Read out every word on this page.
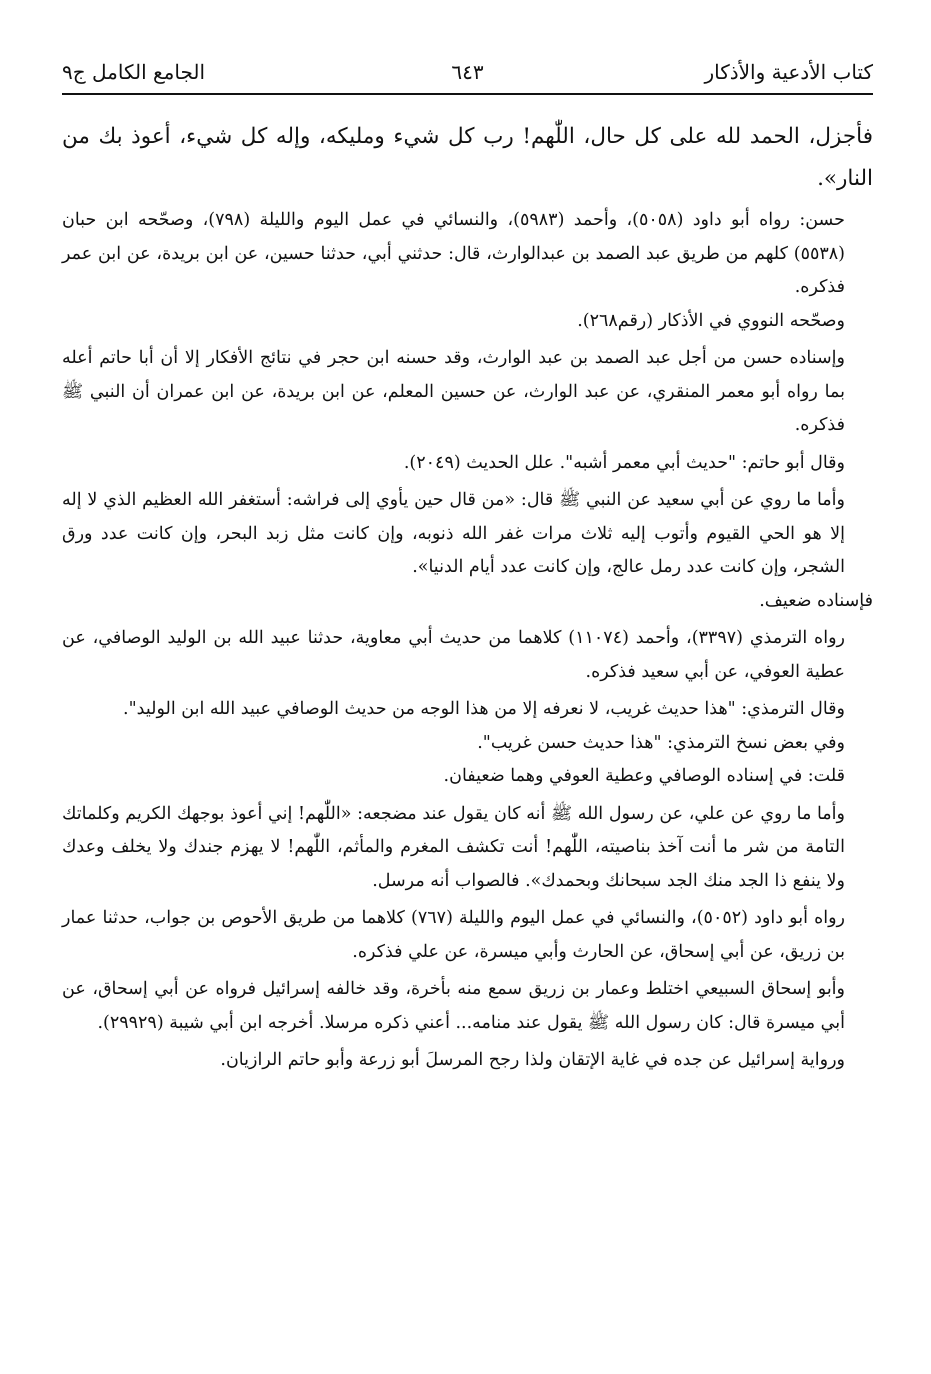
كتاب الأدعية والأذكار
٦٤٣
الجامع الكامل ج٩

فأجزل، الحمد لله على كل حال، اللّٰهم! رب كل شيء ومليكه، وإله كل شيء، أعوذ بك من النار».

حسن: رواه أبو داود (٥٠٥٨)، وأحمد (٥٩٨٣)، والنسائي في عمل اليوم والليلة (٧٩٨)، وصحّحه ابن حبان (٥٥٣٨) كلهم من طريق عبد الصمد بن عبدالوارث، قال: حدثني أبي، حدثنا حسين، عن ابن بريدة، عن ابن عمر فذكره.

وصحّحه النووي في الأذكار (رقم٢٦٨).

وإسناده حسن من أجل عبد الصمد بن عبد الوارث، وقد حسنه ابن حجر في نتائج الأفكار إلا أن أبا حاتم أعله بما رواه أبو معمر المنقري، عن عبد الوارث، عن حسين المعلم، عن ابن بريدة، عن ابن عمران أن النبي ﷺ فذكره.

وقال أبو حاتم: "حديث أبي معمر أشبه". علل الحديث (٢٠٤٩).

وأما ما روي عن أبي سعيد عن النبي ﷺ قال: «من قال حين يأوي إلى فراشه: أستغفر الله العظيم الذي لا إله إلا هو الحي القيوم وأتوب إليه ثلاث مرات غفر الله ذنوبه، وإن كانت مثل زبد البحر، وإن كانت عدد ورق الشجر، وإن كانت عدد رمل عالج، وإن كانت عدد أيام الدنيا».

فإسناده ضعيف.

رواه الترمذي (٣٣٩٧)، وأحمد (١١٠٧٤) كلاهما من حديث أبي معاوية، حدثنا عبيد الله بن الوليد الوصافي، عن عطية العوفي، عن أبي سعيد فذكره.

وقال الترمذي: "هذا حديث غريب، لا نعرفه إلا من هذا الوجه من حديث الوصافي عبيد الله ابن الوليد".

وفي بعض نسخ الترمذي: "هذا حديث حسن غريب".

قلت: في إسناده الوصافي وعطية العوفي وهما ضعيفان.

وأما ما روي عن علي، عن رسول الله ﷺ أنه كان يقول عند مضجعه: «اللّٰهم! إني أعوذ بوجهك الكريم وكلماتك التامة من شر ما أنت آخذ بناصيته، اللّٰهم! أنت تكشف المغرم والمأثم، اللّٰهم! لا يهزم جندك ولا يخلف وعدك ولا ينفع ذا الجد منك الجد سبحانك وبحمدك». فالصواب أنه مرسل.

رواه أبو داود (٥٠٥٢)، والنسائي في عمل اليوم والليلة (٧٦٧) كلاهما من طريق الأحوص بن جواب، حدثنا عمار بن زريق، عن أبي إسحاق، عن الحارث وأبي ميسرة، عن علي فذكره.

وأبو إسحاق السبيعي اختلط وعمار بن زريق سمع منه بأخرة، وقد خالفه إسرائيل فرواه عن أبي إسحاق، عن أبي ميسرة قال: كان رسول الله ﷺ يقول عند منامه... أعني ذكره مرسلا. أخرجه ابن أبي شيبة (٢٩٩٢٩).

ورواية إسرائيل عن جده في غاية الإتقان ولذا رجح المرسلَ أبو زرعة وأبو حاتم الرازيان.
